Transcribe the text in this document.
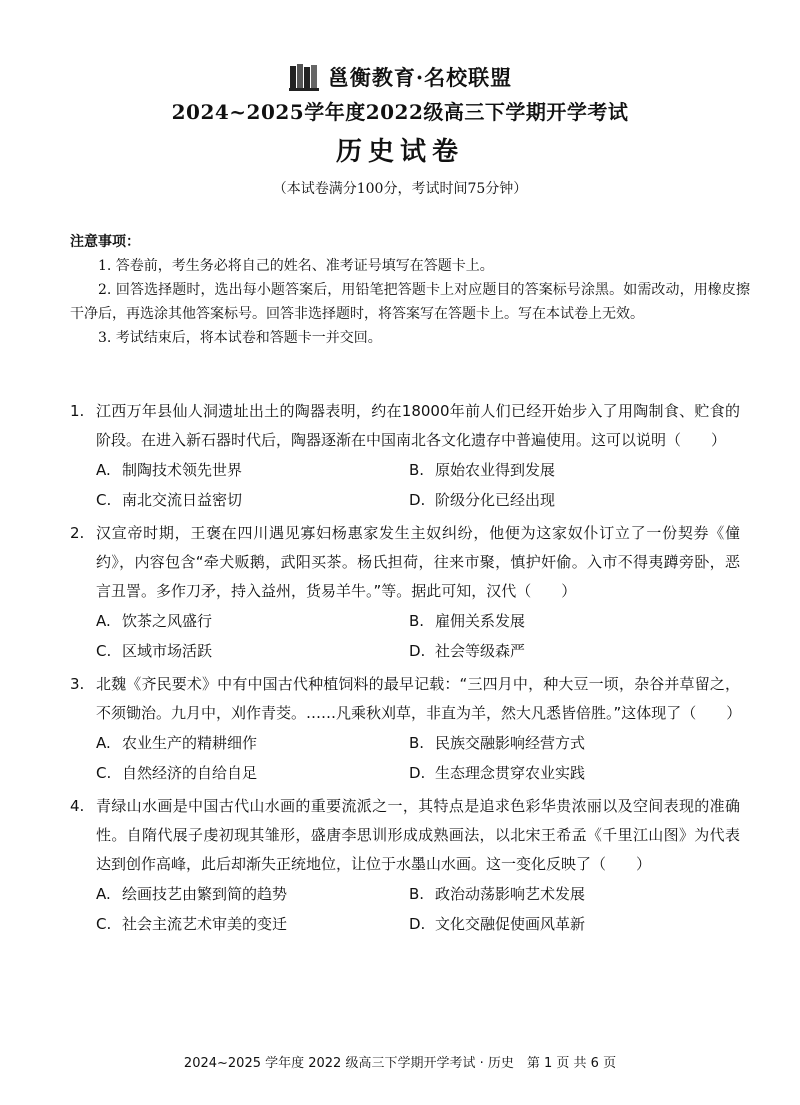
邕衡教育·名校联盟
2024~2025学年度2022级高三下学期开学考试
历史试卷
（本试卷满分100分，考试时间75分钟）
注意事项：

1. 答卷前，考生务必将自己的姓名、准考证号填写在答题卡上。

2. 回答选择题时，选出每小题答案后，用铅笔把答题卡上对应题目的答案标号涂黑。如需改动，用橡皮擦干净后，再选涂其他答案标号。回答非选择题时，将答案写在答题卡上。写在本试卷上无效。

3. 考试结束后，将本试卷和答题卡一并交回。

1. 江西万年县仙人洞遗址出土的陶器表明，约在18000年前人们已经开始步入了用陶制食、贮食的阶段。在进入新石器时代后，陶器逐渐在中国南北各文化遗存中普遍使用。这可以说明（　　）
A. 制陶技术领先世界	B. 原始农业得到发展
C. 南北交流日益密切	D. 阶级分化已经出现
2. 汉宣帝时期，王褒在四川遇见寡妇杨惠家发生主奴纠纷，他便为这家奴仆订立了一份契券《僮约》，内容包含“牵犬贩鹅，武阳买茶。杨氏担荷，往来市聚，慎护奸偷。入市不得夷蹲旁卧，恶言丑詈。多作刀矛，持入益州，货易羊牛。”等。据此可知，汉代（　　）
A. 饮茶之风盛行	B. 雇佣关系发展
C. 区域市场活跃	D. 社会等级森严
3. 北魏《齐民要术》中有中国古代种植饲料的最早记载：“三四月中，种大豆一顷，杂谷并草留之，不须锄治。九月中，刈作青茭。……凡乘秋刈草，非直为羊，然大凡悉皆倍胜。”这体现了（　　）
A. 农业生产的精耕细作	B. 民族交融影响经营方式
C. 自然经济的自给自足	D. 生态理念贯穿农业实践
4. 青绿山水画是中国古代山水画的重要流派之一，其特点是追求色彩华贵浓丽以及空间表现的准确性。自隋代展子虔初现其雏形，盛唐李思训形成成熟画法，以北宋王希孟《千里江山图》为代表达到创作高峰，此后却渐失正统地位，让位于水墨山水画。这一变化反映了（　　）
A. 绘画技艺由繁到简的趋势	B. 政治动荡影响艺术发展
C. 社会主流艺术审美的变迁	D. 文化交融促使画风革新
2024~2025 学年度 2022 级高三下学期开学考试 · 历史　第 1 页 共 6 页
